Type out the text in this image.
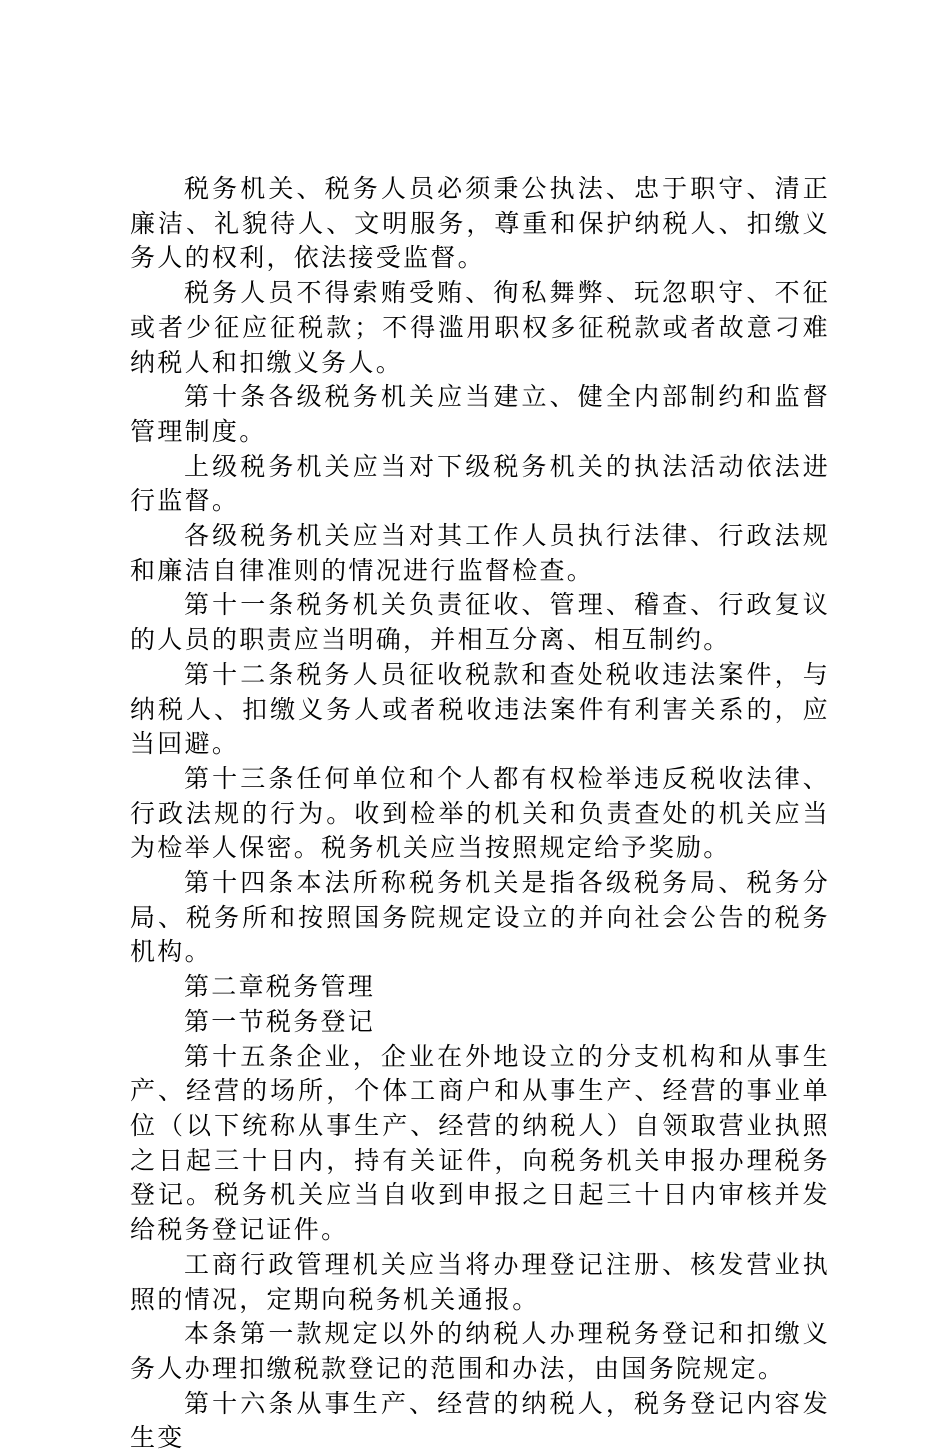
税务机关、税务人员必须秉公执法、忠于职守、清正廉洁、礼貌待人、文明服务，尊重和保护纳税人、扣缴义务人的权利，依法接受监督。

税务人员不得索贿受贿、徇私舞弊、玩忽职守、不征或者少征应征税款；不得滥用职权多征税款或者故意刁难纳税人和扣缴义务人。

第十条各级税务机关应当建立、健全内部制约和监督管理制度。

上级税务机关应当对下级税务机关的执法活动依法进行监督。

各级税务机关应当对其工作人员执行法律、行政法规和廉洁自律准则的情况进行监督检查。

第十一条税务机关负责征收、管理、稽查、行政复议的人员的职责应当明确，并相互分离、相互制约。

第十二条税务人员征收税款和查处税收违法案件，与纳税人、扣缴义务人或者税收违法案件有利害关系的，应当回避。

第十三条任何单位和个人都有权检举违反税收法律、行政法规的行为。收到检举的机关和负责查处的机关应当为检举人保密。税务机关应当按照规定给予奖励。

第十四条本法所称税务机关是指各级税务局、税务分局、税务所和按照国务院规定设立的并向社会公告的税务机构。

第二章税务管理

第一节税务登记

第十五条企业，企业在外地设立的分支机构和从事生产、经营的场所，个体工商户和从事生产、经营的事业单位（以下统称从事生产、经营的纳税人）自领取营业执照之日起三十日内，持有关证件，向税务机关申报办理税务登记。税务机关应当自收到申报之日起三十日内审核并发给税务登记证件。

工商行政管理机关应当将办理登记注册、核发营业执照的情况，定期向税务机关通报。

本条第一款规定以外的纳税人办理税务登记和扣缴义务人办理扣缴税款登记的范围和办法，由国务院规定。

第十六条从事生产、经营的纳税人，税务登记内容发生变
